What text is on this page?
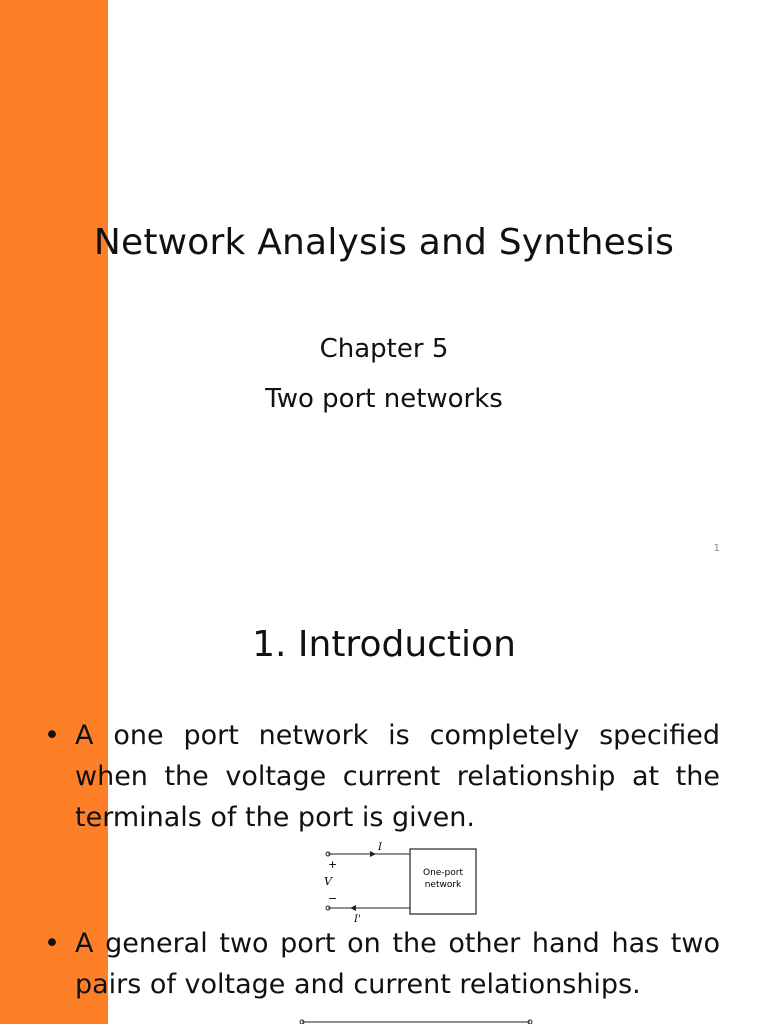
Network Analysis and Synthesis
Chapter 5
Two port networks
1
1. Introduction
• A one port network is completely specified when the voltage current relationship at the terminals of the port is given.
I
+
V
−
I'
One-port
network
• A general two port on the other hand has two pairs of voltage and current relationships.
